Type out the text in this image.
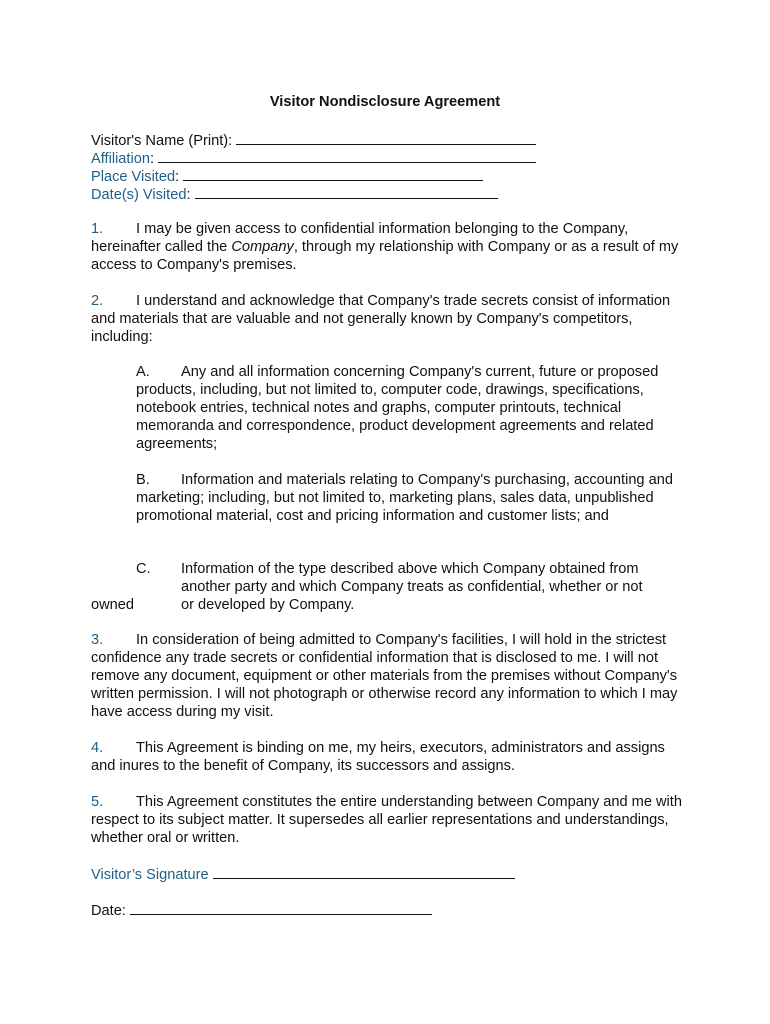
Visitor Nondisclosure Agreement
Visitor's Name (Print):
Affiliation:
Place Visited:
Date(s) Visited:
1. I may be given access to confidential information belonging to the Company, hereinafter called the Company, through my relationship with Company or as a result of my access to Company's premises.
2. I understand and acknowledge that Company's trade secrets consist of information and materials that are valuable and not generally known by Company's competitors, including:
A. Any and all information concerning Company's current, future or proposed products, including, but not limited to, computer code, drawings, specifications, notebook entries, technical notes and graphs, computer printouts, technical memoranda and correspondence, product development agreements and related agreements;
B. Information and materials relating to Company's purchasing, accounting and marketing; including, but not limited to, marketing plans, sales data, unpublished promotional material, cost and pricing information and customer lists; and
C.	Information of the type described above which Company obtained from
another party and which Company treats as confidential, whether or not
owned	or developed by Company.
3. In consideration of being admitted to Company's facilities, I will hold in the strictest confidence any trade secrets or confidential information that is disclosed to me. I will not remove any document, equipment or other materials from the premises without Company's written permission. I will not photograph or otherwise record any information to which I may have access during my visit.
4. This Agreement is binding on me, my heirs, executors, administrators and assigns and inures to the benefit of Company, its successors and assigns.
5. This Agreement constitutes the entire understanding between Company and me with respect to its subject matter. It supersedes all earlier representations and understandings, whether oral or written.
Visitor’s Signature
Date:
